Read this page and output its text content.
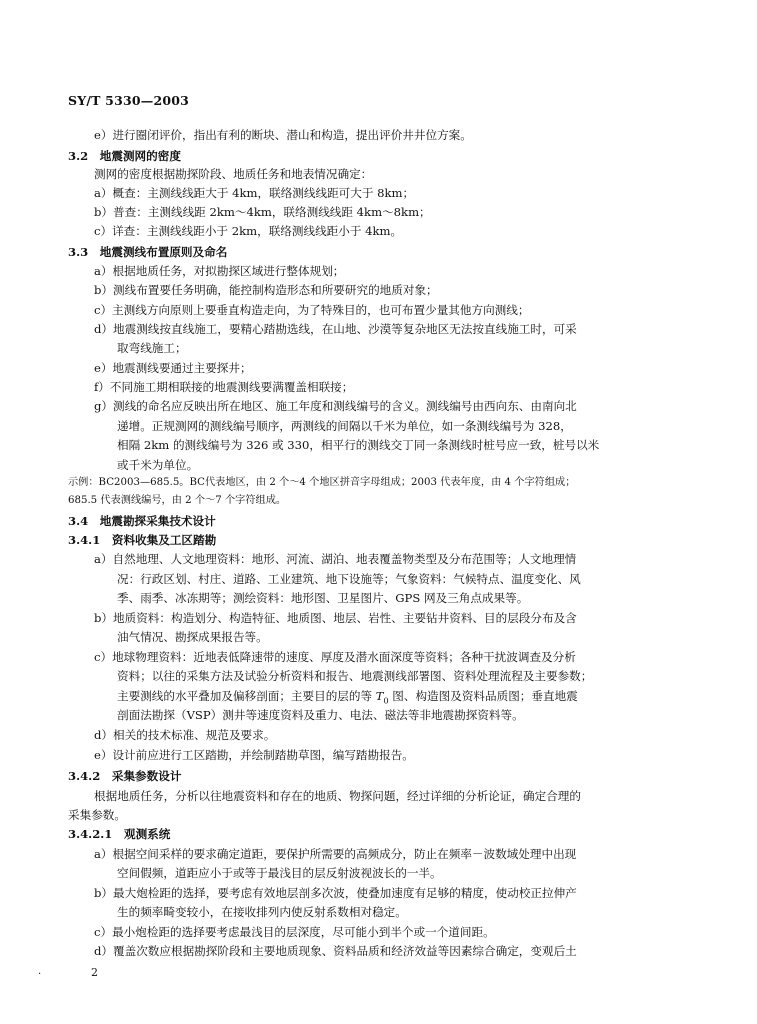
SY/T 5330—2003
e）进行圈闭评价，指出有利的断块、潜山和构造，提出评价井井位方案。
3.2　地震测网的密度
测网的密度根据勘探阶段、地质任务和地表情况确定：
a）概查：主测线线距大于 4km，联络测线线距可大于 8km；
b）普查：主测线线距 2km～4km，联络测线线距 4km～8km；
c）详查：主测线线距小于 2km，联络测线线距小于 4km。
3.3　地震测线布置原则及命名
a）根据地质任务，对拟勘探区域进行整体规划；
b）测线布置要任务明确，能控制构造形态和所要研究的地质对象；
c）主测线方向原则上要垂直构造走向，为了特殊目的，也可布置少量其他方向测线；
d）地震测线按直线施工，要精心踏勘选线，在山地、沙漠等复杂地区无法按直线施工时，可采
取弯线施工；
e）地震测线要通过主要探井；
f）不同施工期相联接的地震测线要满覆盖相联接；
g）测线的命名应反映出所在地区、施工年度和测线编号的含义。测线编号由西向东、由南向北
递增。正规测网的测线编号顺序，两测线的间隔以千米为单位，如一条测线编号为 328，
相隔 2km 的测线编号为 326 或 330，相平行的测线交丁同一条测线时桩号应一致，桩号以米
或千米为单位。
示例：BC2003—685.5。BC代表地区，由 2 个～4 个地区拼音字母组成；2003 代表年度，由 4 个字符组成；
685.5 代表测线编号，由 2 个～7 个字符组成。
3.4　地震勘探采集技术设计
3.4.1　资料收集及工区踏勘
a）自然地理、人文地理资料：地形、河流、湖泊、地表覆盖物类型及分布范围等；人文地理情
况：行政区划、村庄、道路、工业建筑、地下设施等；气象资料：气候特点、温度变化、风
季、雨季、冰冻期等；测绘资料：地形图、卫星图片、GPS 网及三角点成果等。
b）地质资料：构造划分、构造特征、地质图、地层、岩性、主要钻井资料、目的层段分布及含
油气情况、勘探成果报告等。
c）地球物理资料：近地表低降速带的速度、厚度及潜水面深度等资料；各种干扰波调查及分析
资料；以往的采集方法及试验分析资料和报告、地震测线部署图、资料处理流程及主要参数；
主要测线的水平叠加及偏移剖面；主要目的层的等 $T_0$ 图、构造图及资料品质图；垂直地震
剖面法勘探（VSP）测井等速度资料及重力、电法、磁法等非地震勘探资料等。
d）相关的技术标准、规范及要求。
e）设计前应进行工区踏勘，并绘制踏勘草图，编写踏勘报告。
3.4.2　采集参数设计
根据地质任务，分析以往地震资料和存在的地质、物探问题，经过详细的分析论证，确定合理的
采集参数。
3.4.2.1　观测系统
a）根据空间采样的要求确定道距，要保护所需要的高频成分，防止在频率－波数域处理中出现
空间假频，道距应小于或等于最浅目的层反射波视波长的一半。
b）最大炮检距的选择，要考虑有效地层剖多次波，使叠加速度有足够的精度，使动校正拉伸产
生的频率畸变较小，在接收排列内使反射系数相对稳定。
c）最小炮检距的选择要考虑最浅目的层深度，尽可能小到半个或一个道间距。
d）覆盖次数应根据勘探阶段和主要地质现象、资料品质和经济效益等因素综合确定，变观后土
.	2
